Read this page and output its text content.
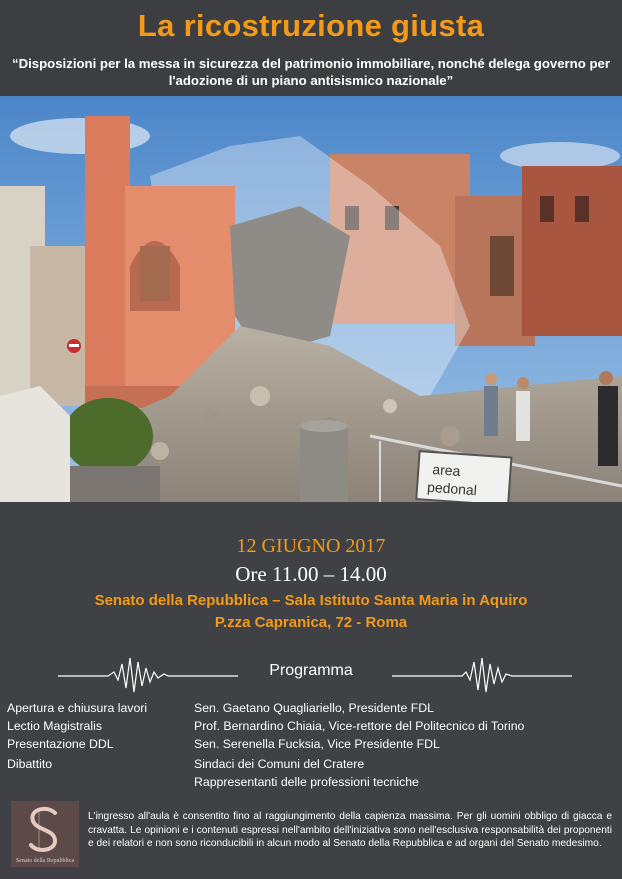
La ricostruzione giusta
“Disposizioni per la messa in sicurezza del patrimonio immobiliare, nonché delega governo per l'adozione di un piano antisismico nazionale”
area
pedonal
12 GIUGNO 2017
Ore 11.00 – 14.00
Senato della Repubblica – Sala Istituto Santa Maria in Aquiro
P.zza Capranica, 72 - Roma
Programma
Apertura e chiusura lavori	Sen. Gaetano Quagliariello, Presidente FDL
Lectio Magistralis	Prof. Bernardino Chiaia, Vice-rettore del Politecnico di Torino
Presentazione DDL	Sen. Serenella Fucksia, Vice Presidente FDL
Dibattito	Sindaci dei Comuni del Cratere
Rappresentanti delle professioni tecniche
Senato della Repubblica
L'ingresso all'aula è consentito fino al raggiungimento della capienza massima. Per gli uomini obbligo di giacca e cravatta. Le opinioni e i contenuti espressi nell'ambito dell'iniziativa sono nell'esclusiva responsabilità dei proponenti e dei relatori e non sono riconducibili in alcun modo al Senato della Repubblica e ad organi del Senato medesimo.
